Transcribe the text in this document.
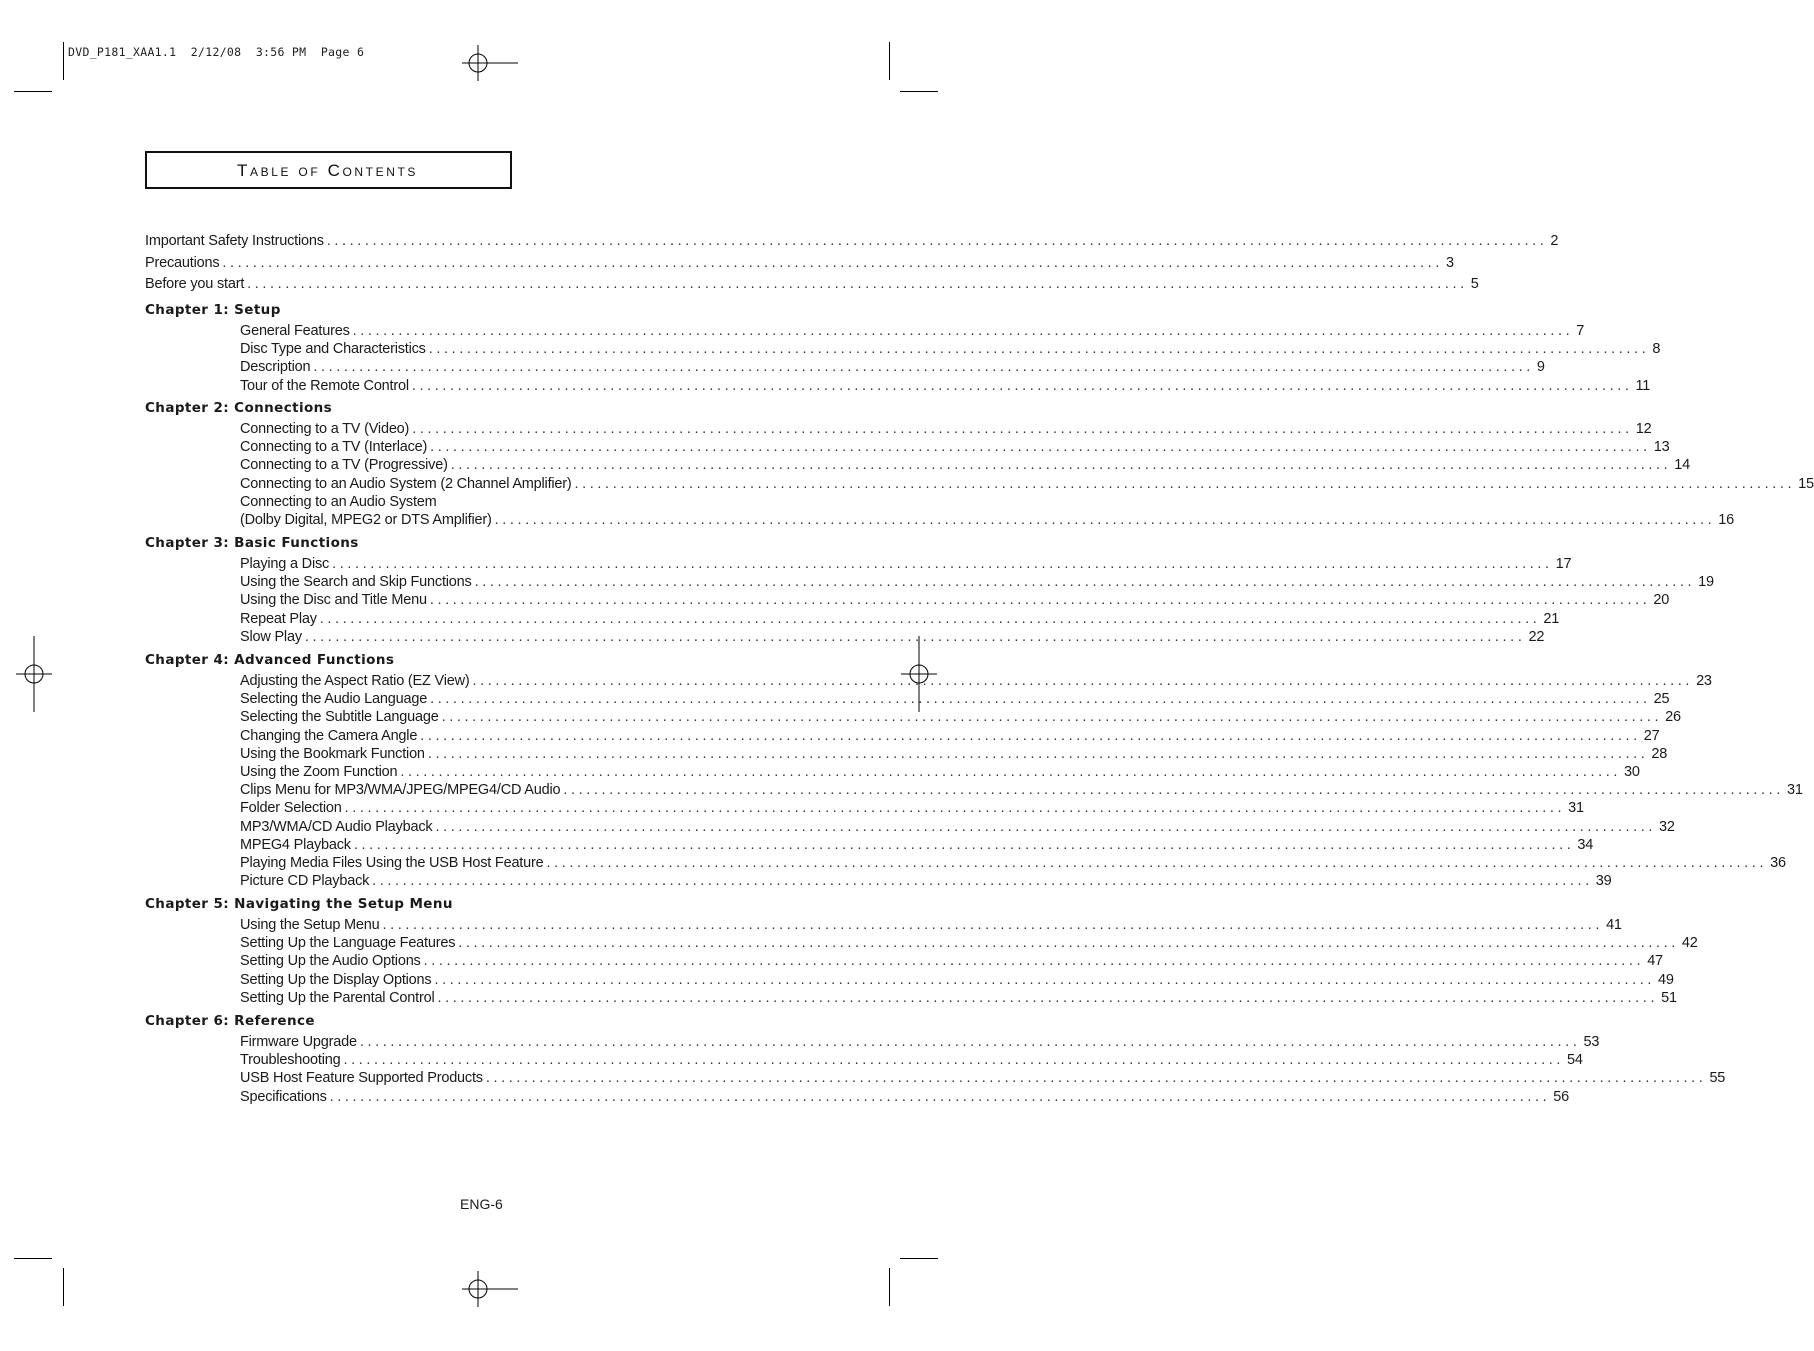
DVD_P181_XAA1.1  2/12/08  3:56 PM  Page 6
Table of Contents
Important Safety Instructions ................................................................................................................................................................ 2
Precautions ................................................................................................................................................................ 3
Before you start ................................................................................................................................................................ 5
Chapter 1: Setup
General Features ................................................................................................................................................................ 7
Disc Type and Characteristics ................................................................................................................................................................ 8
Description ................................................................................................................................................................ 9
Tour of the Remote Control ................................................................................................................................................................ 11
Chapter 2: Connections
Connecting to a TV (Video) ................................................................................................................................................................ 12
Connecting to a TV (Interlace) ................................................................................................................................................................ 13
Connecting to a TV (Progressive) ................................................................................................................................................................ 14
Connecting to an Audio System (2 Channel Amplifier) ................................................................................................................................................................ 15
Connecting to an Audio System
(Dolby Digital, MPEG2 or DTS Amplifier) ................................................................................................................................................................ 16
Chapter 3: Basic Functions
Playing a Disc ................................................................................................................................................................ 17
Using the Search and Skip Functions ................................................................................................................................................................ 19
Using the Disc and Title Menu ................................................................................................................................................................ 20
Repeat Play ................................................................................................................................................................ 21
Slow Play ................................................................................................................................................................ 22
Chapter 4: Advanced Functions
Adjusting the Aspect Ratio (EZ View) ................................................................................................................................................................ 23
Selecting the Audio Language ................................................................................................................................................................ 25
Selecting the Subtitle Language ................................................................................................................................................................ 26
Changing the Camera Angle ................................................................................................................................................................ 27
Using the Bookmark Function ................................................................................................................................................................ 28
Using the Zoom Function ................................................................................................................................................................ 30
Clips Menu for MP3/WMA/JPEG/MPEG4/CD Audio ................................................................................................................................................................ 31
Folder Selection ................................................................................................................................................................ 31
MP3/WMA/CD Audio Playback ................................................................................................................................................................ 32
MPEG4 Playback ................................................................................................................................................................ 34
Playing Media Files Using the USB Host Feature ................................................................................................................................................................ 36
Picture CD Playback ................................................................................................................................................................ 39
Chapter 5: Navigating the Setup Menu
Using the Setup Menu ................................................................................................................................................................ 41
Setting Up the Language Features ................................................................................................................................................................ 42
Setting Up the Audio Options ................................................................................................................................................................ 47
Setting Up the Display Options ................................................................................................................................................................ 49
Setting Up the Parental Control ................................................................................................................................................................ 51
Chapter 6: Reference
Firmware Upgrade ................................................................................................................................................................ 53
Troubleshooting ................................................................................................................................................................ 54
USB Host Feature Supported Products ................................................................................................................................................................ 55
Specifications ................................................................................................................................................................ 56
ENG-6
